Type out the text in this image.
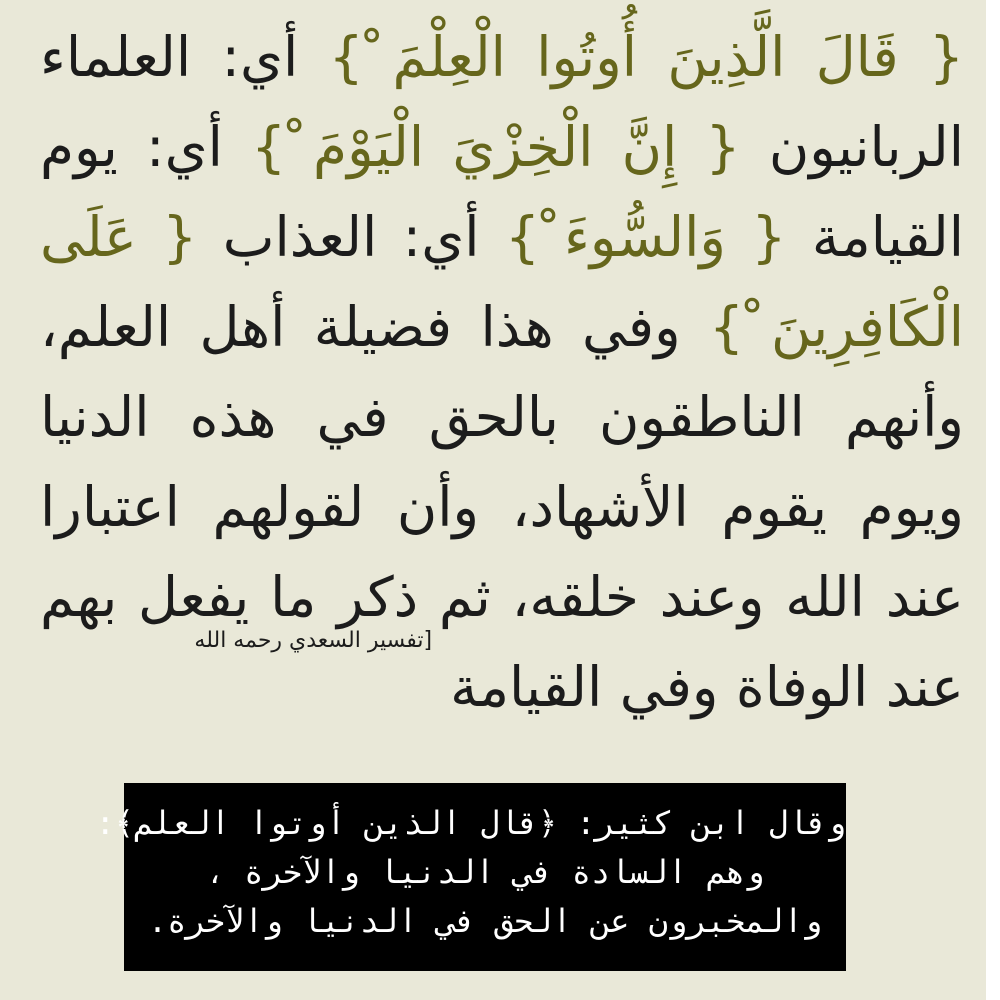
{ قَالَ الَّذِينَ أُوتُوا الْعِلْمَ ْ} أي: العلماء الربانيون { إِنَّ الْخِزْيَ الْيَوْمَ ْ} أي: يوم القيامة { وَالسُّوءَ ْ} أي: العذاب { عَلَى الْكَافِرِينَ ْ} وفي هذا فضيلة أهل العلم، وأنهم الناطقون بالحق في هذه الدنيا ويوم يقوم الأشهاد، وأن لقولهم اعتبارا عند الله وعند خلقه، ثم ذكر ما يفعل بهم عند الوفاة وفي القيامة[تفسير السعدي رحمه الله
وقال ابن كثير: ﴿قال الذين أوتوا العلم﴾:
وهم السادة في الدنيا والآخرة ،
والمخبرون عن الحق في الدنيا والآخرة.
